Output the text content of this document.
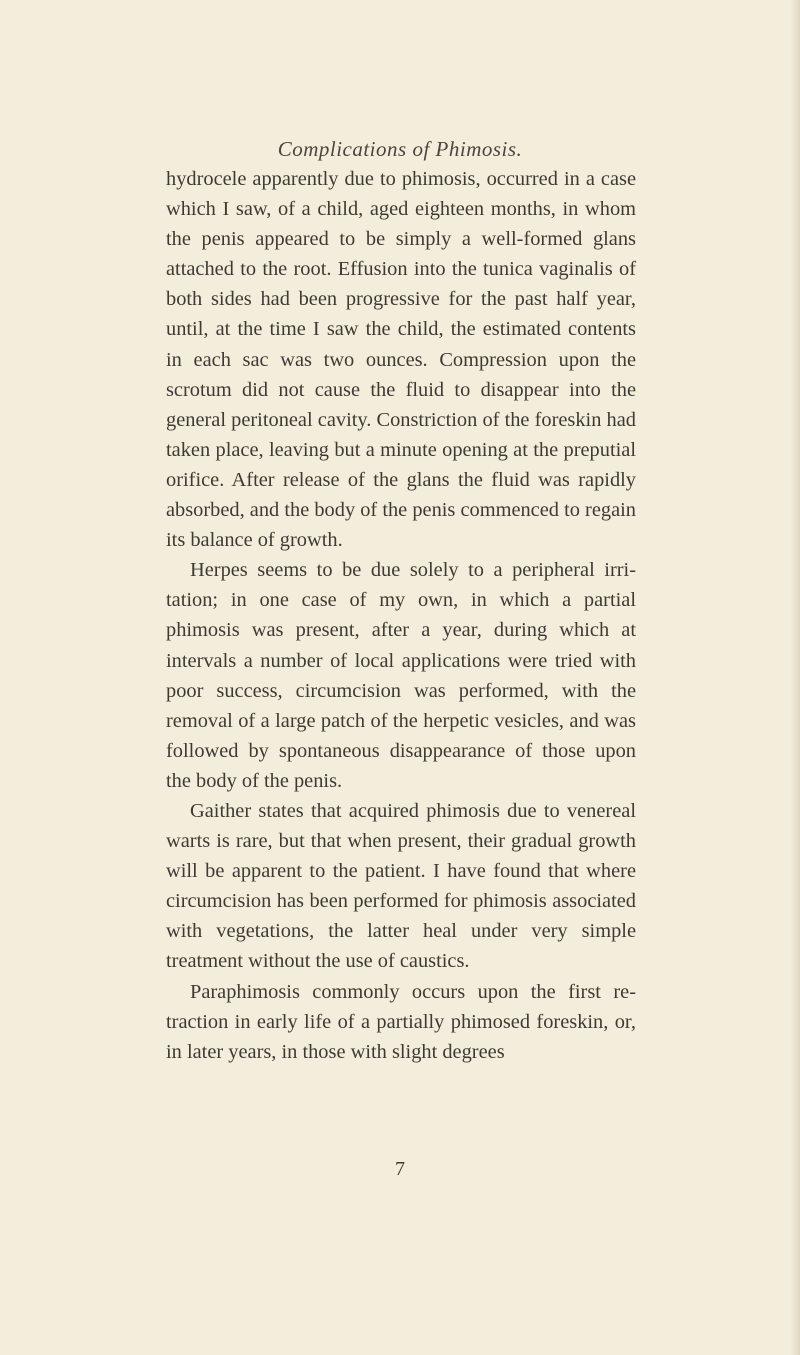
Complications of Phimosis.

hydrocele apparently due to phimosis, occurred in a case which I saw, of a child, aged eighteen months, in whom the penis appeared to be simply a well-formed glans attached to the root. Effusion into the tunica vaginalis of both sides had been progressive for the past half year, until, at the time I saw the child, the estimated contents in each sac was two ounces. Compression upon the scrotum did not cause the fluid to disappear into the general peritoneal cavity. Constriction of the foreskin had taken place, leaving but a minute opening at the preputial orifice. After release of the glans the fluid was rapidly absorbed, and the body of the penis commenced to regain its balance of growth.

Herpes seems to be due solely to a peripheral irritation; in one case of my own, in which a partial phimosis was present, after a year, during which at intervals a number of local applications were tried with poor success, circumcision was performed, with the removal of a large patch of the herpetic vesicles, and was followed by spontaneous disappearance of those upon the body of the penis.

Gaither states that acquired phimosis due to venereal warts is rare, but that when present, their gradual growth will be apparent to the patient. I have found that where circumcision has been performed for phimosis associated with vegetations, the latter heal under very simple treatment without the use of caustics.

Paraphimosis commonly occurs upon the first retraction in early life of a partially phimosed foreskin, or, in later years, in those with slight degrees

7
